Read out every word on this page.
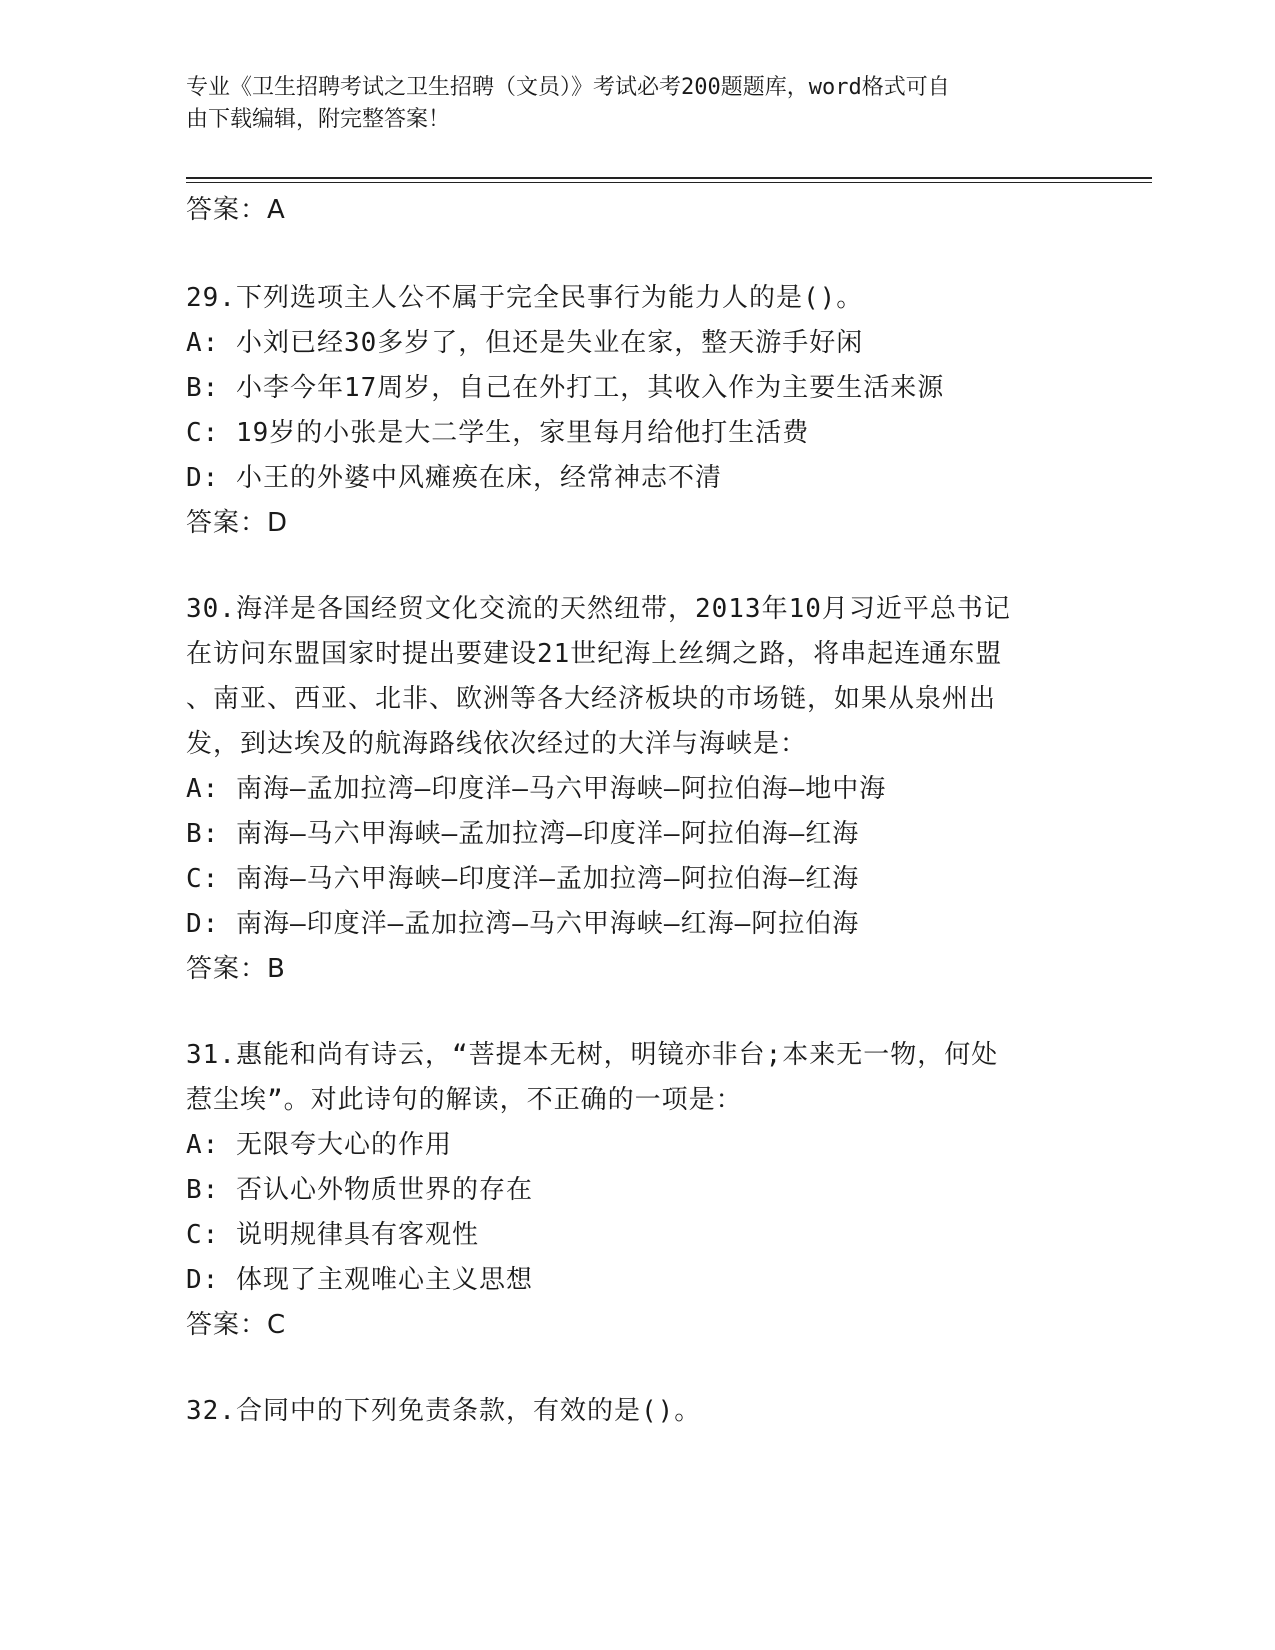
专业《卫生招聘考试之卫生招聘（文员）》考试必考200题题库，word格式可自
由下载编辑，附完整答案！
答案：A
29.下列选项主人公不属于完全民事行为能力人的是()。
A: 小刘已经30多岁了，但还是失业在家，整天游手好闲
B: 小李今年17周岁，自己在外打工，其收入作为主要生活来源
C: 19岁的小张是大二学生，家里每月给他打生活费
D: 小王的外婆中风瘫痪在床，经常神志不清
答案：D
30.海洋是各国经贸文化交流的天然纽带，2013年10月习近平总书记
在访问东盟国家时提出要建设21世纪海上丝绸之路，将串起连通东盟
、南亚、西亚、北非、欧洲等各大经济板块的市场链，如果从泉州出
发，到达埃及的航海路线依次经过的大洋与海峡是：
A: 南海—孟加拉湾—印度洋—马六甲海峡—阿拉伯海—地中海
B: 南海—马六甲海峡—孟加拉湾—印度洋—阿拉伯海—红海
C: 南海—马六甲海峡—印度洋—孟加拉湾—阿拉伯海—红海
D: 南海—印度洋—孟加拉湾—马六甲海峡—红海—阿拉伯海
答案：B
31.惠能和尚有诗云，“菩提本无树，明镜亦非台;本来无一物，何处
惹尘埃”。对此诗句的解读，不正确的一项是：
A: 无限夸大心的作用
B: 否认心外物质世界的存在
C: 说明规律具有客观性
D: 体现了主观唯心主义思想
答案：C
32.合同中的下列免责条款，有效的是()。
